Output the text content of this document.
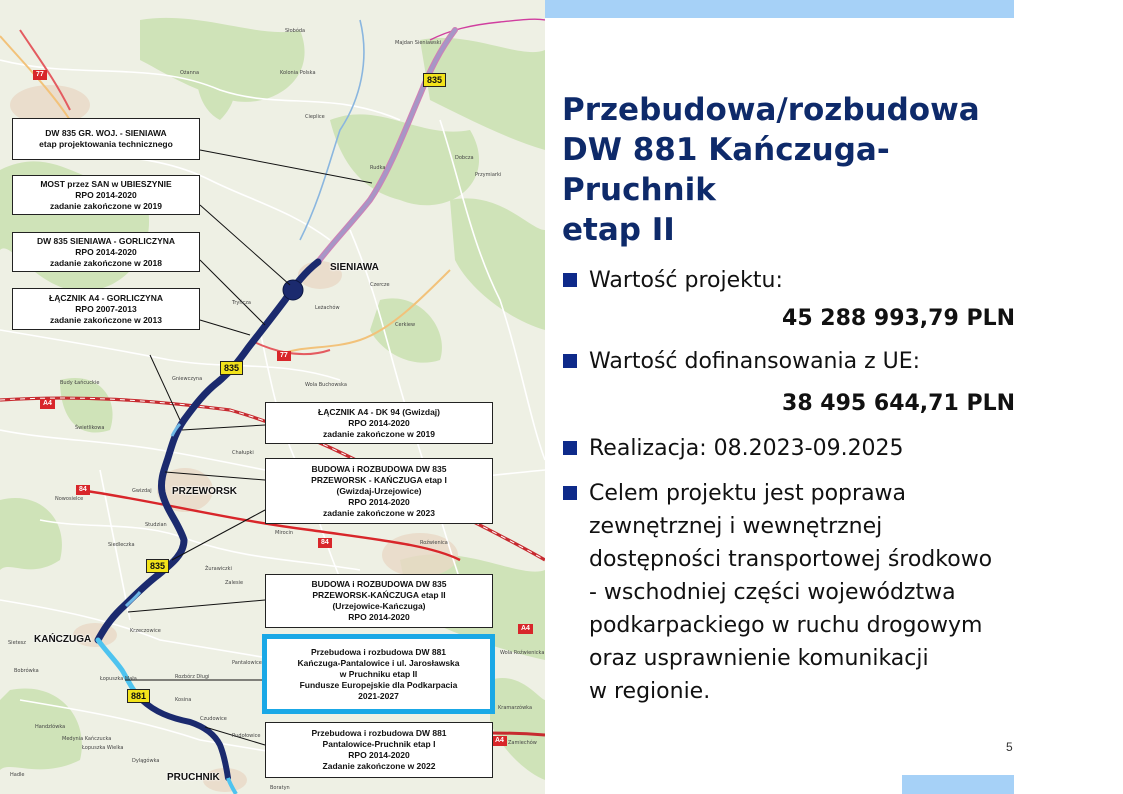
Słobóda
Majdan Sieniawski
Kolonia Polska
Ożanna
Cieplice
Rudka
Dobcza
Przymiarki
Czercze
Cerkiew
Leżachów
Tryńcza
Gniewczyna
Wola Buchowska
Budy Łańcuckie
Świetlikowa
Gwizdaj
Chałupki
Nowosielce
Mirocin
Studzian
Siedleczka
Krzeczowice
Żurawiczki
Sietesz
Zalesie
Łopuszka Mała	Rozbórz Długi
Pantalowice
Czudowice
Rudołowice
Medynia Kańczucka
Kosina
Handzlówka
Łopuszka Wielka
Roźwienica
Wola Roźwienicka
Zamiechów
Boratyn
Bobrówka
Dylągówka
Hadle
Kramarzówka
SIENIAWA
PRZEWORSK
KAŃCZUGA
PRUCHNIK
835
835
835
881
77
77
A4
A4
A4
84
84
DW 835 GR. WOJ. - SIENIAWA
etap projektowania technicznego
MOST przez SAN w UBIESZYNIE
RPO 2014-2020
zadanie zakończone w 2019
DW 835 SIENIAWA - GORLICZYNA
RPO 2014-2020
zadanie zakończone w 2018
ŁĄCZNIK A4 - GORLICZYNA
RPO 2007-2013
zadanie zakończone w 2013
ŁĄCZNIK A4 - DK 94 (Gwizdaj)
RPO 2014-2020
zadanie zakończone w 2019
BUDOWA i ROZBUDOWA DW 835
PRZEWORSK - KAŃCZUGA etap I
(Gwizdaj-Urzejowice)
RPO 2014-2020
zadanie zakończone w 2023
BUDOWA i ROZBUDOWA DW 835
PRZEWORSK-KAŃCZUGA etap II
(Urzejowice-Kańczuga)
RPO 2014-2020
Przebudowa i rozbudowa DW 881
Kańczuga-Pantalowice i ul. Jarosławska
w Pruchniku etap II
Fundusze Europejskie dla Podkarpacia
2021-2027
Przebudowa i rozbudowa DW 881
Pantalowice-Pruchnik etap I
RPO 2014-2020
Zadanie zakończone w 2022
Przebudowa/rozbudowa
DW 881 Kańczuga-Pruchnik
etap II
Wartość projektu:
45 288 993,79 PLN
Wartość dofinansowania z UE:
38 495 644,71 PLN
Realizacja: 08.2023-09.2025
Celem projektu jest poprawa
zewnętrznej i wewnętrznej
dostępności transportowej środkowo
- wschodniej części województwa
podkarpackiego w ruchu drogowym
oraz usprawnienie komunikacji
w regionie.
5
